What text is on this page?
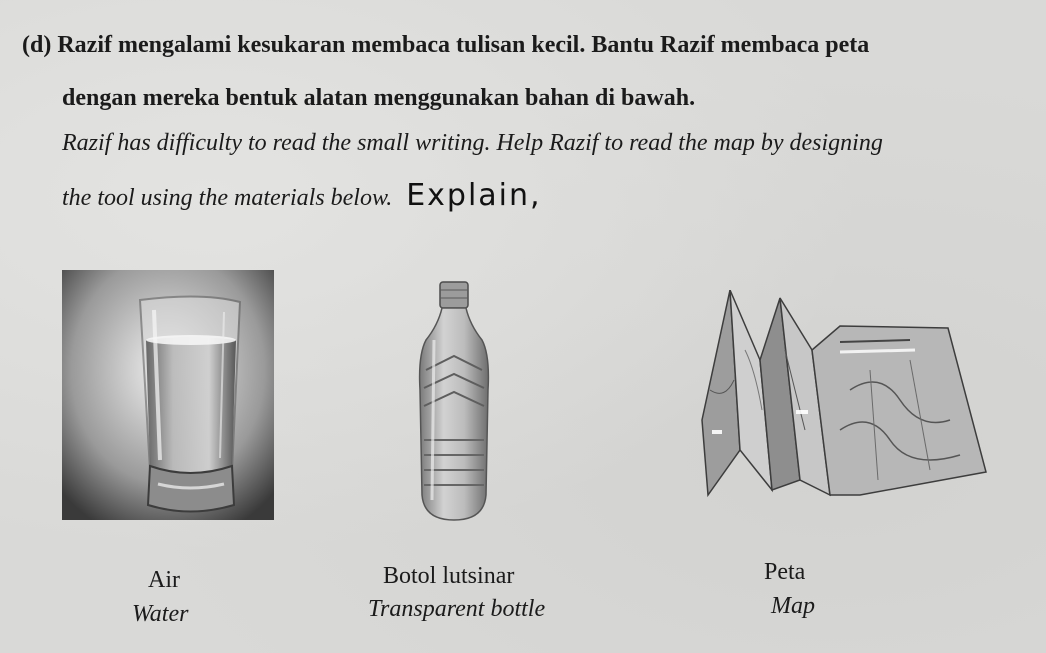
(d) Razif mengalami kesukaran membaca tulisan kecil. Bantu Razif membaca peta
dengan mereka bentuk alatan menggunakan bahan di bawah.
Razif has difficulty to read the small writing. Help Razif to read the map by designing
the tool using the materials below. Explain,
Air
Water
Botol lutsinar
Transparent bottle
Peta
Map
